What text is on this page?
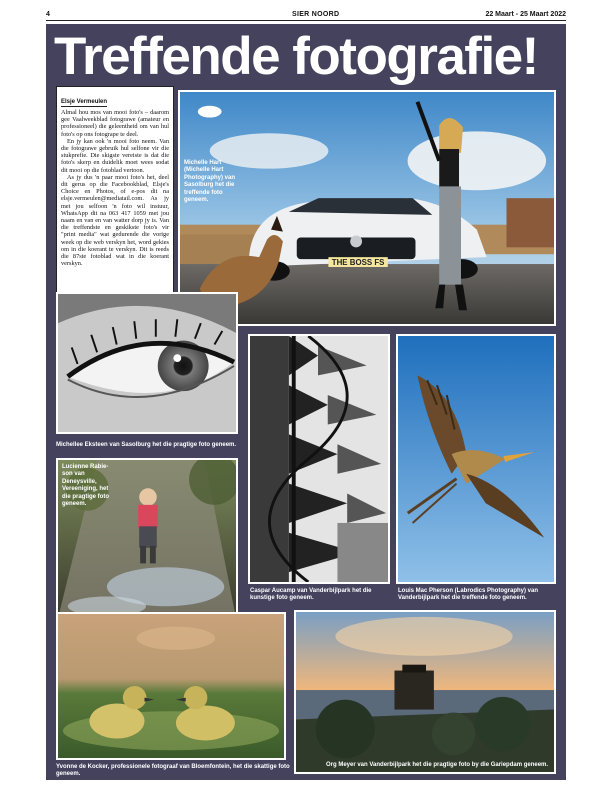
4	SIER NOORD	22 Maart - 25 Maart 2022
Treffende fotografie!
Elsje Vermeulen

Almal hou mos van mooi foto's – daarom gee Vaalweekblad fotograwe (amateur en professioneel) die geleentheid om van hul foto's op ons fotogrape te deel.

En jy kan ook 'n mooi foto neem. Van die fotograwe gebruik hul selfone vir die stukprefie. Die skigste vereiste is dat die foto's skerp en duidelik moet wees sodat dit mooi op die fotoblad vertoon.

As jy dus 'n paar mooi foto's het, deel dit gerus op die Facebookblad, Elsje's Choice en Photos, of e-pos dit na elsje.vermeulen@mediatail.com. As jy met jou selfoon 'n foto wil instuur, WhatsApp dit na 063 417 1059 met jou naam en van en van watter dorp jy is. Van die treffendste en geskikste foto's vir "print media" wat gedurende die vorige week op die web verskyn het, word gekies om in die koerant te verskyn. Dit is reeds die 87ste fotoblad wat in die koerant verskyn.	THE BOSS FS
Michelle Hart (Michelle Hart Photography) van Sasolburg het die treffende foto geneem.
Michellee Eksteen van Sasolburg het die pragtige foto geneem.
Lucienne Rabie-son van Deneysville, Vereeniging, het die pragtige foto geneem.
Yvonne de Kocker, professionele fotograaf van Bloemfontein, het die skattige foto geneem.
Caspar Aucamp van Vanderbijlpark het die kunstige foto geneem.
Louis Mac Pherson (Labrodics Photography) van Vanderbijlpark het die treffende foto geneem.
Org Meyer van Vanderbijlpark het die pragtige foto by die Gariepdam geneem.
